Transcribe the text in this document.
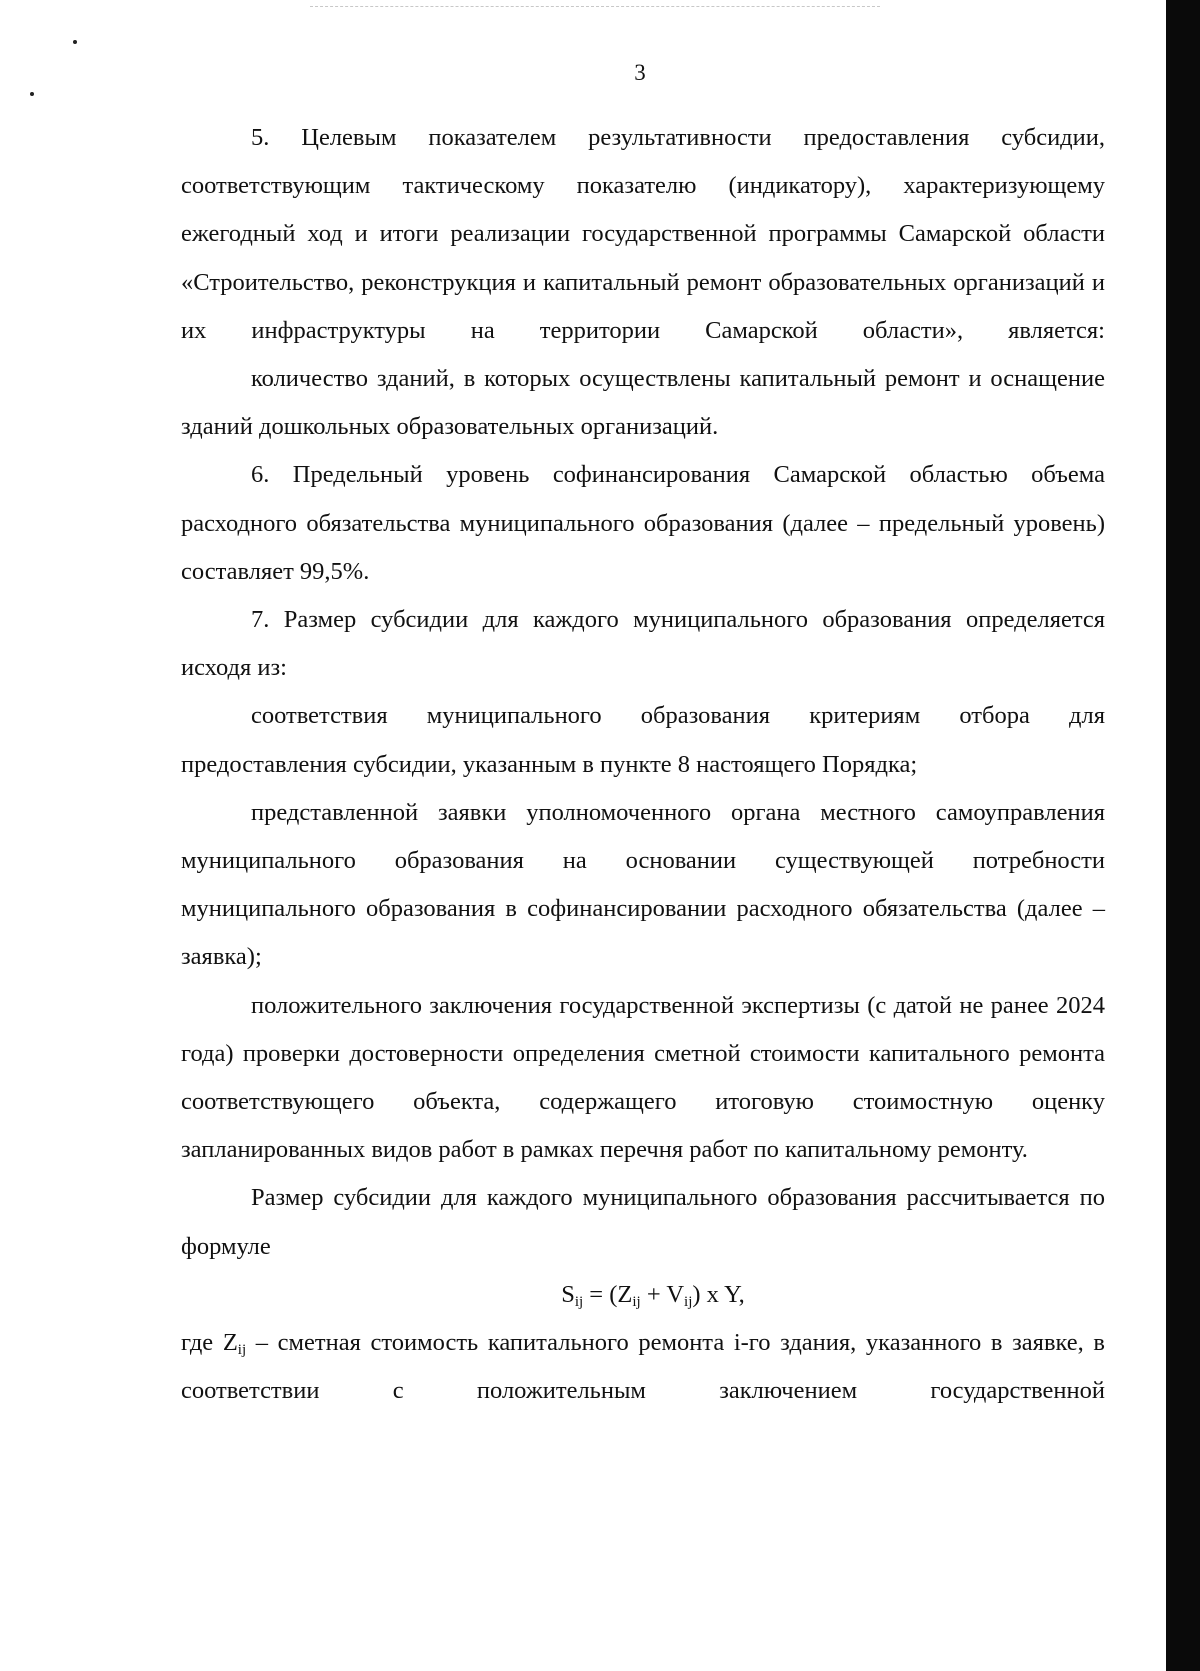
3

5. Целевым показателем результативности предоставления субсидии, соответствующим тактическому показателю (индикатору), характеризующему ежегодный ход и итоги реализации государственной программы Самарской области «Строительство, реконструкция и капитальный ремонт образовательных организаций и их инфраструктуры на территории Самарской области», является:

количество зданий, в которых осуществлены капитальный ремонт и оснащение зданий дошкольных образовательных организаций.

6. Предельный уровень софинансирования Самарской областью объема расходного обязательства муниципального образования (далее – предельный уровень) составляет 99,5%.

7. Размер субсидии для каждого муниципального образования определяется исходя из:

соответствия муниципального образования критериям отбора для предоставления субсидии, указанным в пункте 8 настоящего Порядка;

представленной заявки уполномоченного органа местного самоуправления муниципального образования на основании существующей потребности муниципального образования в софинансировании расходного обязательства (далее – заявка);

положительного заключения государственной экспертизы (с датой не ранее 2024 года) проверки достоверности определения сметной стоимости капитального ремонта соответствующего объекта, содержащего итоговую стоимостную оценку запланированных видов работ в рамках перечня работ по капитальному ремонту.

Размер субсидии для каждого муниципального образования рассчитывается по формуле

$S_{ij} = (Z_{ij} + V_{ij})$ x Y,

где $Z_{ij}$ – сметная стоимость капитального ремонта i-го здания, указанного в заявке, в соответствии с положительным заключением государственной
